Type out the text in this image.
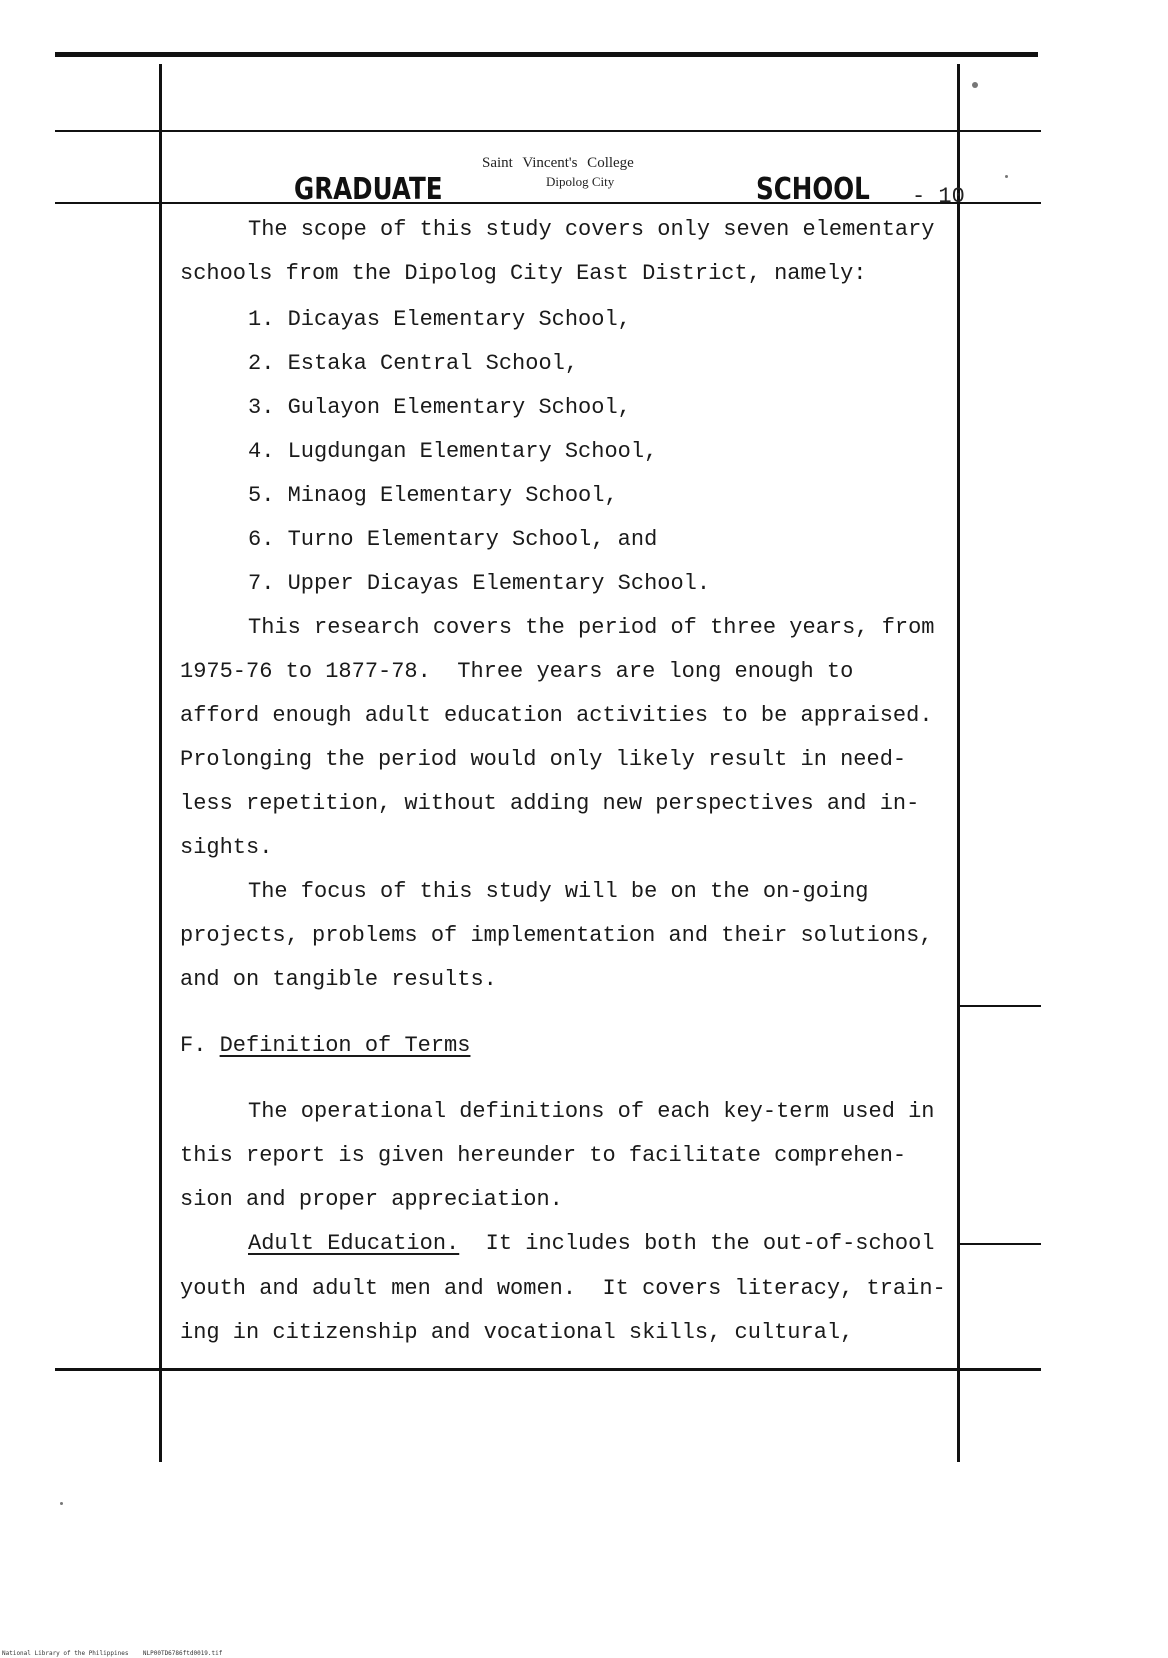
GRADUATE
Saint Vincent's College
Dipolog City	SCHOOL - 10
The scope of this study covers only seven elementary
schools from the Dipolog City East District, namely:
1. Dicayas Elementary School,
2. Estaka Central School,
3. Gulayon Elementary School,
4. Lugdungan Elementary School,
5. Minaog Elementary School,
6. Turno Elementary School, and
7. Upper Dicayas Elementary School.
This research covers the period of three years, from
1975-76 to 1877-78.  Three years are long enough to
afford enough adult education activities to be appraised.
Prolonging the period would only likely result in need-
less repetition, without adding new perspectives and in-
sights.
The focus of this study will be on the on-going
projects, problems of implementation and their solutions,
and on tangible results.
F. Definition of Terms
The operational definitions of each key-term used in
this report is given hereunder to facilitate comprehen-
sion and proper appreciation.
Adult Education.  It includes both the out-of-school
youth and adult men and women.  It covers literacy, train-
ing in citizenship and vocational skills, cultural,
National Library of the Philippines NLP00TD6786ftd0019.tif
